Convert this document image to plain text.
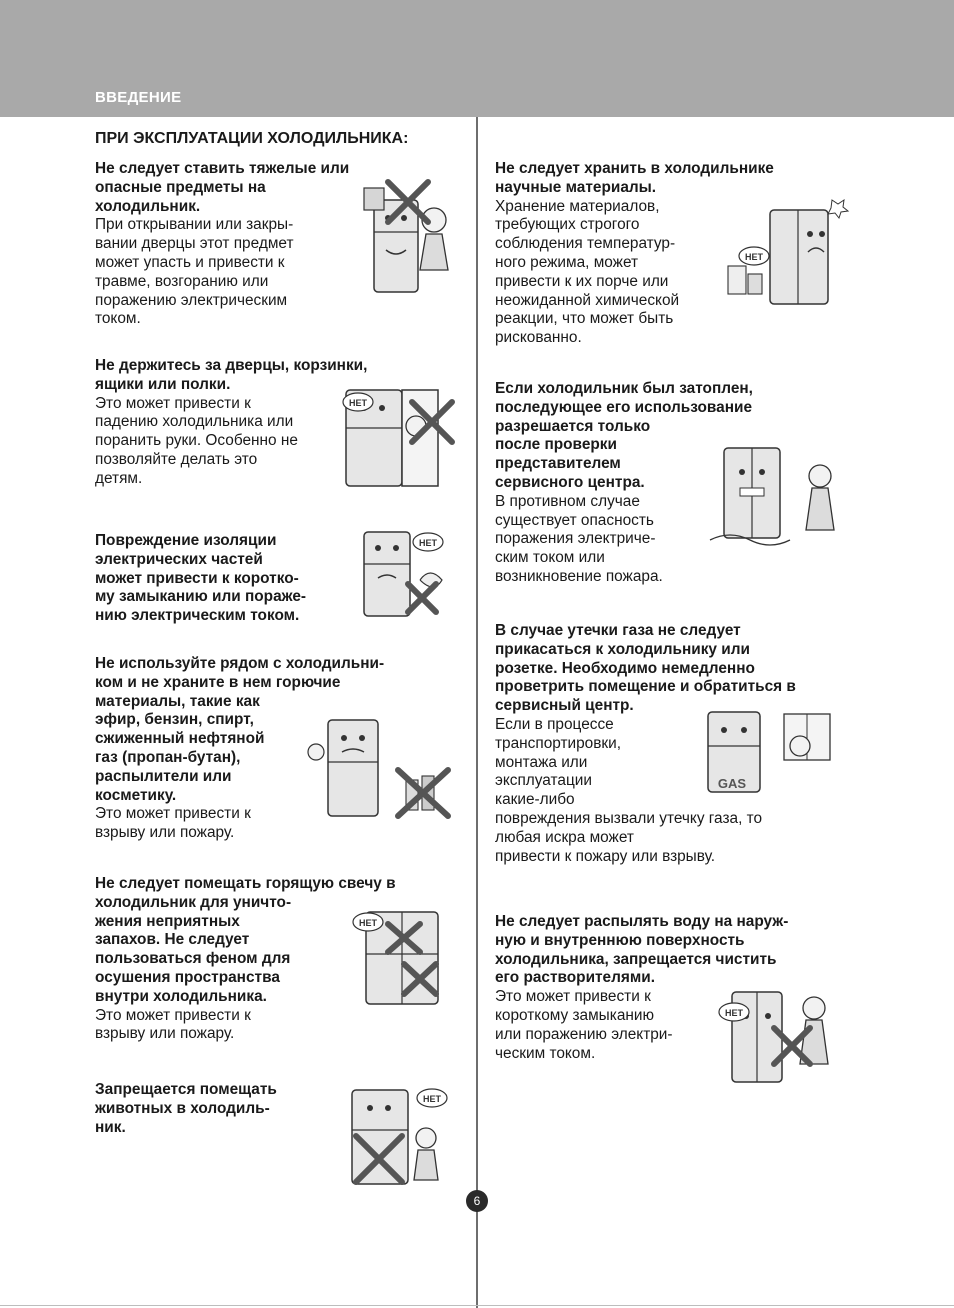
ВВЕДЕНИЕ
ПРИ ЭКСПЛУАТАЦИИ ХОЛОДИЛЬНИКА:
Не следует ставить тяжелые или
опасные предметы на
холодильник.
При открывании или закры-
вании дверцы этот предмет
может упасть и привести к
травме, возгоранию или
поражению электрическим
током.
Не держитесь за дверцы, корзинки,
ящики или полки.
Это может привести к
падению холодильника или
поранить руки. Особенно не
позволяйте делать это
детям.
Повреждение изоляции
электрических частей
может привести к коротко-
му замыканию или пораже-
нию электрическим током.
Не используйте рядом с холодильни-
ком и не храните в нем горючие
материалы, такие как
эфир, бензин, спирт,
сжиженный нефтяной
газ (пропан-бутан),
распылители или
косметику.
Это может привести к
взрыву или пожару.
Не следует помещать горящую свечу в
холодильник для уничто-
жения неприятных
запахов. Не следует
пользоваться феном для
осушения пространства
внутри холодильника.
Это может привести к
взрыву или пожару.
Запрещается помещать
животных в холодиль-
ник.
Не следует хранить в холодильнике
научные материалы.
Хранение материалов,
требующих строгого
соблюдения температур-
ного режима, может
привести к их порче или
неожиданной химической
реакции, что может быть
рискованно.
Если холодильник был затоплен,
последующее его использование
разрешается только
после проверки
представителем
сервисного центра.
В противном случае
существует опасность
поражения электриче-
ским током или
возникновение пожара.
В случае утечки газа не следует
прикасаться к холодильнику или
розетке. Необходимо немедленно
проветрить помещение и обратиться в
сервисный центр.
Если в процессе
транспортировки,
монтажа или
эксплуатации
какие-либо
повреждения вызвали утечку газа, то
любая искра может
привести к пожару или взрыву.
Не следует распылять воду на наруж-
ную и внутреннюю поверхность
холодильника, запрещается чистить
его растворителями.
Это может привести к
короткому замыканию
или поражению электри-
ческим током.
НЕТ
НЕТ
НЕТ
НЕТ
НЕТ
GAS
НЕТ
6
